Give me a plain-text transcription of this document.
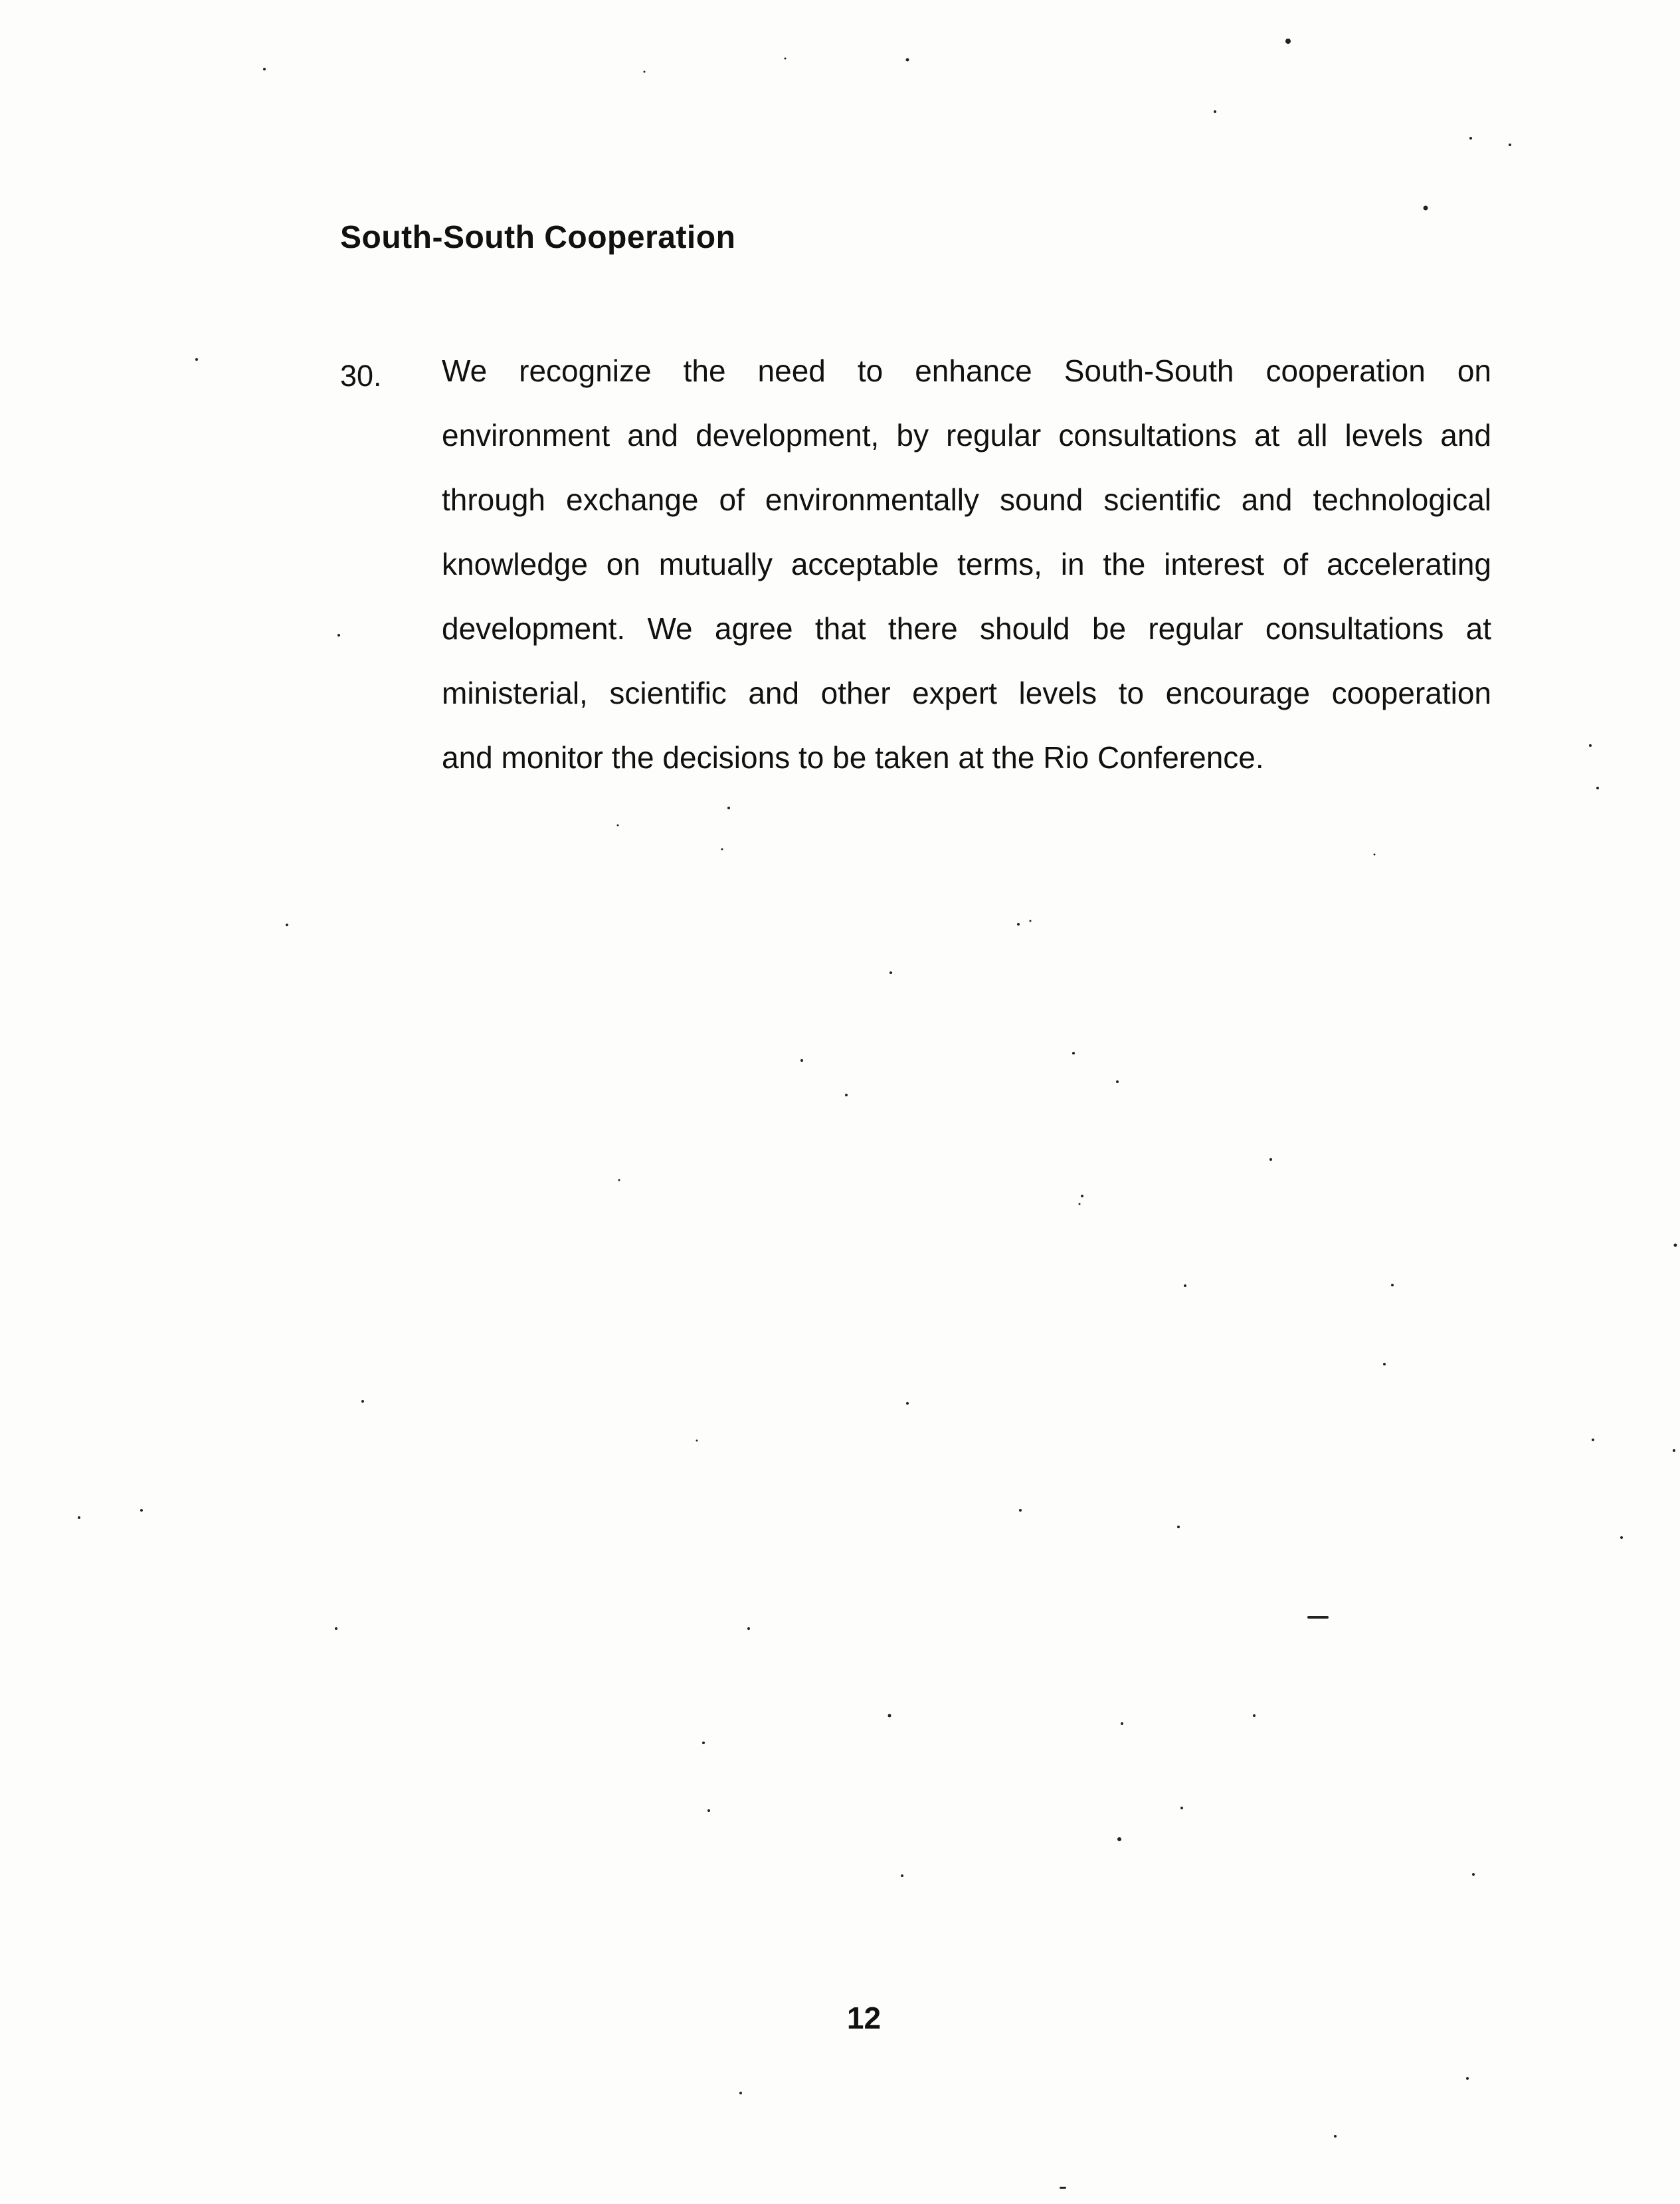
South-South Cooperation
30. We recognize the need to enhance South-South cooperation on
environment and development, by regular consultations at all levels and
through exchange of environmentally sound scientific and technological
knowledge on mutually acceptable terms, in the interest of accelerating
development. We agree that there should be regular consultations at
ministerial, scientific and other expert levels to encourage cooperation
and monitor the decisions to be taken at the Rio Conference.
12
